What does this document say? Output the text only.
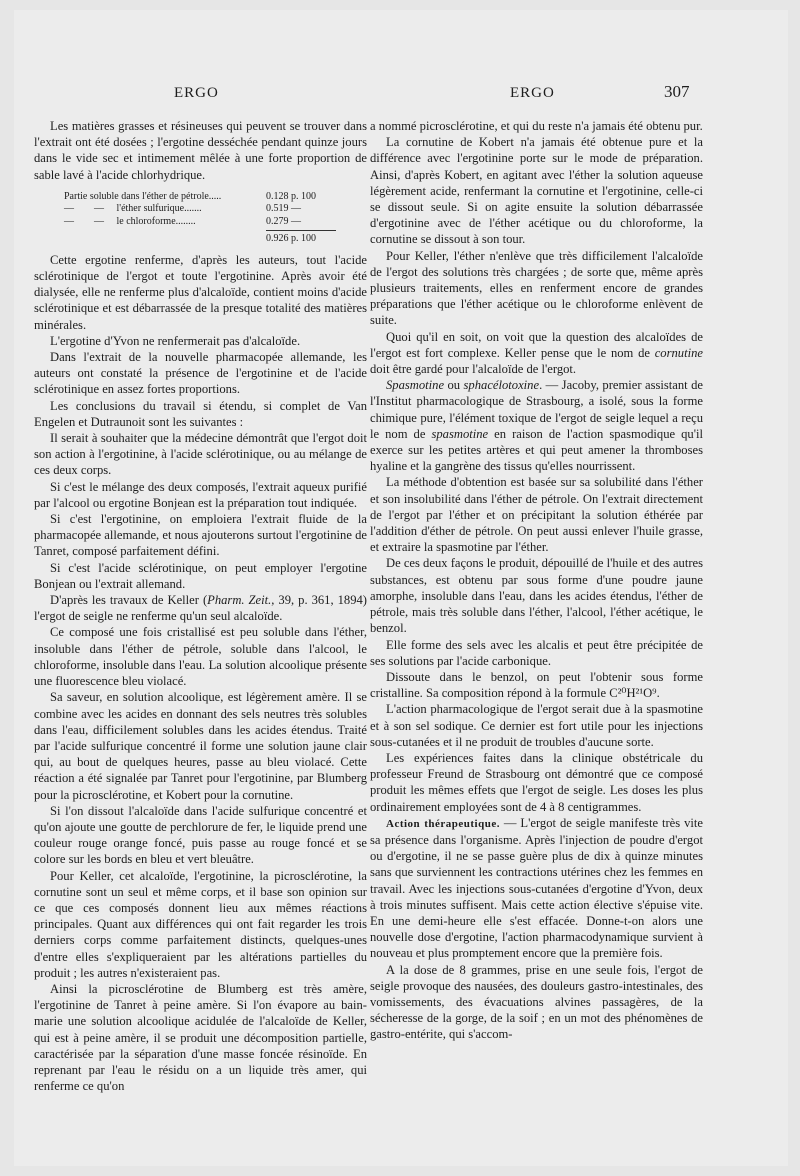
ERGO	ERGO	307

Les matières grasses et résineuses qui peuvent se trouver dans l'extrait ont été dosées ; l'ergotine desséchée pendant quinze jours dans le vide sec et intimement mêlée à une forte proportion de sable lavé à l'acide chlorhydrique.

Partie soluble dans l'éther de pétrole.....	0.128 p. 100
—        —     l'éther sulfurique.......	0.519 —
—        —     le chloroforme........	0.279 —
0.926 p. 100

Cette ergotine renferme, d'après les auteurs, tout l'acide sclérotinique de l'ergot et toute l'ergotinine. Après avoir été dialysée, elle ne renferme plus d'alcaloïde, contient moins d'acide sclérotinique et est débarrassée de la presque totalité des matières minérales.

L'ergotine d'Yvon ne renfermerait pas d'alcaloïde.

Dans l'extrait de la nouvelle pharmacopée allemande, les auteurs ont constaté la présence de l'ergotinine et de l'acide sclérotinique en assez fortes proportions.

Les conclusions du travail si étendu, si complet de Van Engelen et Dutraunoit sont les suivantes :

Il serait à souhaiter que la médecine démontrât que l'ergot doit son action à l'ergotinine, à l'acide sclérotinique, ou au mélange de ces deux corps.

Si c'est le mélange des deux composés, l'extrait aqueux purifié par l'alcool ou ergotine Bonjean est la préparation tout indiquée.

Si c'est l'ergotinine, on emploiera l'extrait fluide de la pharmacopée allemande, et nous ajouterons surtout l'ergotinine de Tanret, composé parfaitement défini.

Si c'est l'acide sclérotinique, on peut employer l'ergotine Bonjean ou l'extrait allemand.

D'après les travaux de Keller (Pharm. Zeit., 39, p. 361, 1894) l'ergot de seigle ne renferme qu'un seul alcaloïde.

Ce composé une fois cristallisé est peu soluble dans l'éther, insoluble dans l'éther de pétrole, soluble dans l'alcool, le chloroforme, insoluble dans l'eau. La solution alcoolique présente une fluorescence bleu violacé.

Sa saveur, en solution alcoolique, est légèrement amère. Il se combine avec les acides en donnant des sels neutres très solubles dans l'eau, difficilement solubles dans les acides étendus. Traité par l'acide sulfurique concentré il forme une solution jaune clair qui, au bout de quelques heures, passe au bleu violacé. Cette réaction a été signalée par Tanret pour l'ergotinine, par Blumberg pour la picrosclérotine, et Kobert pour la cornutine.

Si l'on dissout l'alcaloïde dans l'acide sulfurique concentré et qu'on ajoute une goutte de perchlorure de fer, le liquide prend une couleur rouge orange foncé, puis passe au rouge foncé et se colore sur les bords en bleu et vert bleuâtre.

Pour Keller, cet alcaloïde, l'ergotinine, la picrosclérotine, la cornutine sont un seul et même corps, et il base son opinion sur ce que ces composés donnent lieu aux mêmes réactions principales. Quant aux différences qui ont fait regarder les trois derniers corps comme parfaitement distincts, quelques-unes d'entre elles s'expliqueraient par les altérations partielles du produit ; les autres n'existeraient pas.

Ainsi la picrosclérotine de Blumberg est très amère, l'ergotinine de Tanret à peine amère. Si l'on évapore au bain-marie une solution alcoolique acidulée de l'alcaloïde de Keller, qui est à peine amère, il se produit une décomposition partielle, caractérisée par la séparation d'une masse foncée résinoïde. En reprenant par l'eau le résidu on a un liquide très amer, qui renferme ce qu'on

a nommé picrosclérotine, et qui du reste n'a jamais été obtenu pur.

La cornutine de Kobert n'a jamais été obtenue pure et la différence avec l'ergotinine porte sur le mode de préparation. Ainsi, d'après Kobert, en agitant avec l'éther la solution aqueuse légèrement acide, renfermant la cornutine et l'ergotinine, celle-ci se dissout seule. Si on agite ensuite la solution débarrassée d'ergotinine avec de l'éther acétique ou du chloroforme, la cornutine se dissout à son tour.

Pour Keller, l'éther n'enlève que très difficilement l'alcaloïde de l'ergot des solutions très chargées ; de sorte que, même après plusieurs traitements, elles en renferment encore de grandes préparations que l'éther acétique ou le chloroforme enlèvent de suite.

Quoi qu'il en soit, on voit que la question des alcaloïdes de l'ergot est fort complexe. Keller pense que le nom de cornutine doit être gardé pour l'alcaloïde de l'ergot.

Spasmotine ou sphacélotoxine. — Jacoby, premier assistant de l'Institut pharmacologique de Strasbourg, a isolé, sous la forme chimique pure, l'élément toxique de l'ergot de seigle lequel a reçu le nom de spasmotine en raison de l'action spasmodique qu'il exerce sur les petites artères et qui peut amener la thromboses hyaline et la gangrène des tissus qu'elles nourrissent.

La méthode d'obtention est basée sur sa solubilité dans l'éther et son insolubilité dans l'éther de pétrole. On l'extrait directement de l'ergot par l'éther et on précipitant la solution éthérée par l'addition d'éther de pétrole. On peut aussi enlever l'huile grasse, et extraire la spasmotine par l'éther.

De ces deux façons le produit, dépouillé de l'huile et des autres substances, est obtenu par sous forme d'une poudre jaune amorphe, insoluble dans l'eau, dans les acides étendus, l'éther de pétrole, mais très soluble dans l'éther, l'alcool, l'éther acétique, le benzol.

Elle forme des sels avec les alcalis et peut être précipitée de ses solutions par l'acide carbonique.

Dissoute dans le benzol, on peut l'obtenir sous forme cristalline. Sa composition répond à la formule C²⁰H²¹O⁹.

L'action pharmacologique de l'ergot serait due à la spasmotine et à son sel sodique. Ce dernier est fort utile pour les injections sous-cutanées et il ne produit de troubles d'aucune sorte.

Les expériences faites dans la clinique obstétricale du professeur Freund de Strasbourg ont démontré que ce composé produit les mêmes effets que l'ergot de seigle. Les doses les plus ordinairement employées sont de 4 à 8 centigrammes.

Action thérapeutique. — L'ergot de seigle manifeste très vite sa présence dans l'organisme. Après l'injection de poudre d'ergot ou d'ergotine, il ne se passe guère plus de dix à quinze minutes sans que surviennent les contractions utérines chez les femmes en travail. Avec les injections sous-cutanées d'ergotine d'Yvon, deux à trois minutes suffisent. Mais cette action élective s'épuise vite. En une demi-heure elle s'est effacée. Donne-t-on alors une nouvelle dose d'ergotine, l'action pharmacodynamique survient à nouveau et plus promptement encore que la première fois.

A la dose de 8 grammes, prise en une seule fois, l'ergot de seigle provoque des nausées, des douleurs gastro-intestinales, des vomissements, des évacuations alvines passagères, de la sécheresse de la gorge, de la soif ; en un mot des phénomènes de gastro-entérite, qui s'accom-
